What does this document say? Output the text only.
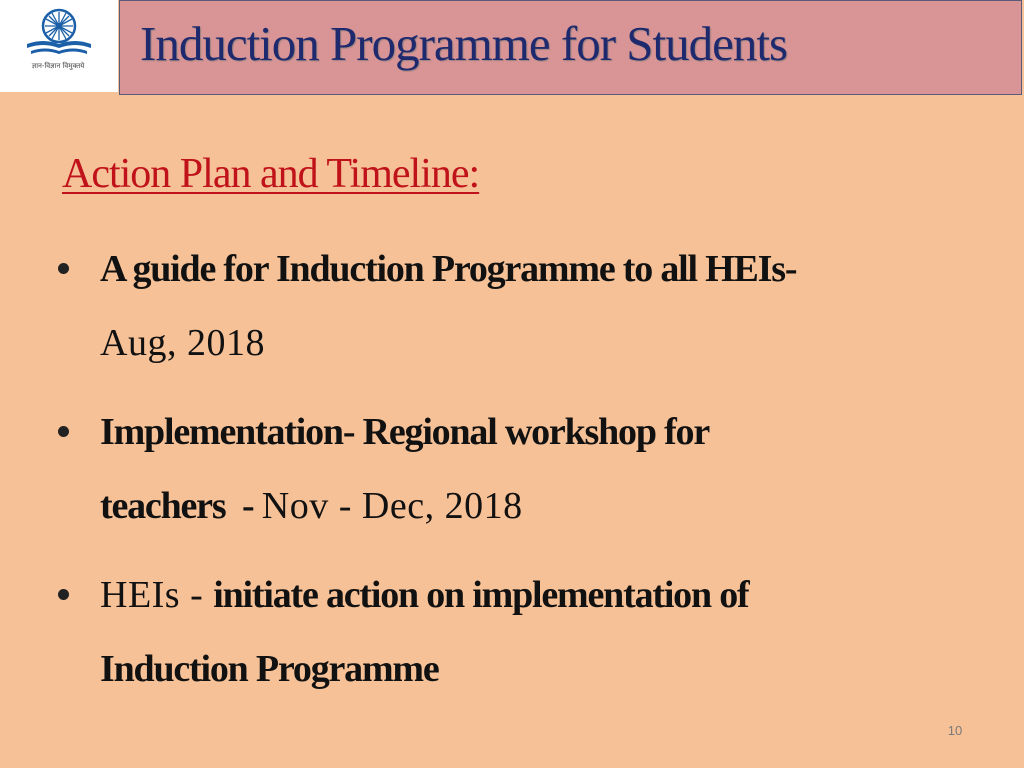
ज्ञान-विज्ञान विमुक्तये	Induction Programme for Students
Action Plan and Timeline:
A guide for Induction Programme to all HEIs-
Aug, 2018
Implementation- Regional workshop for
teachers  - Nov - Dec, 2018
HEIs - initiate action on implementation of
Induction Programme
10
